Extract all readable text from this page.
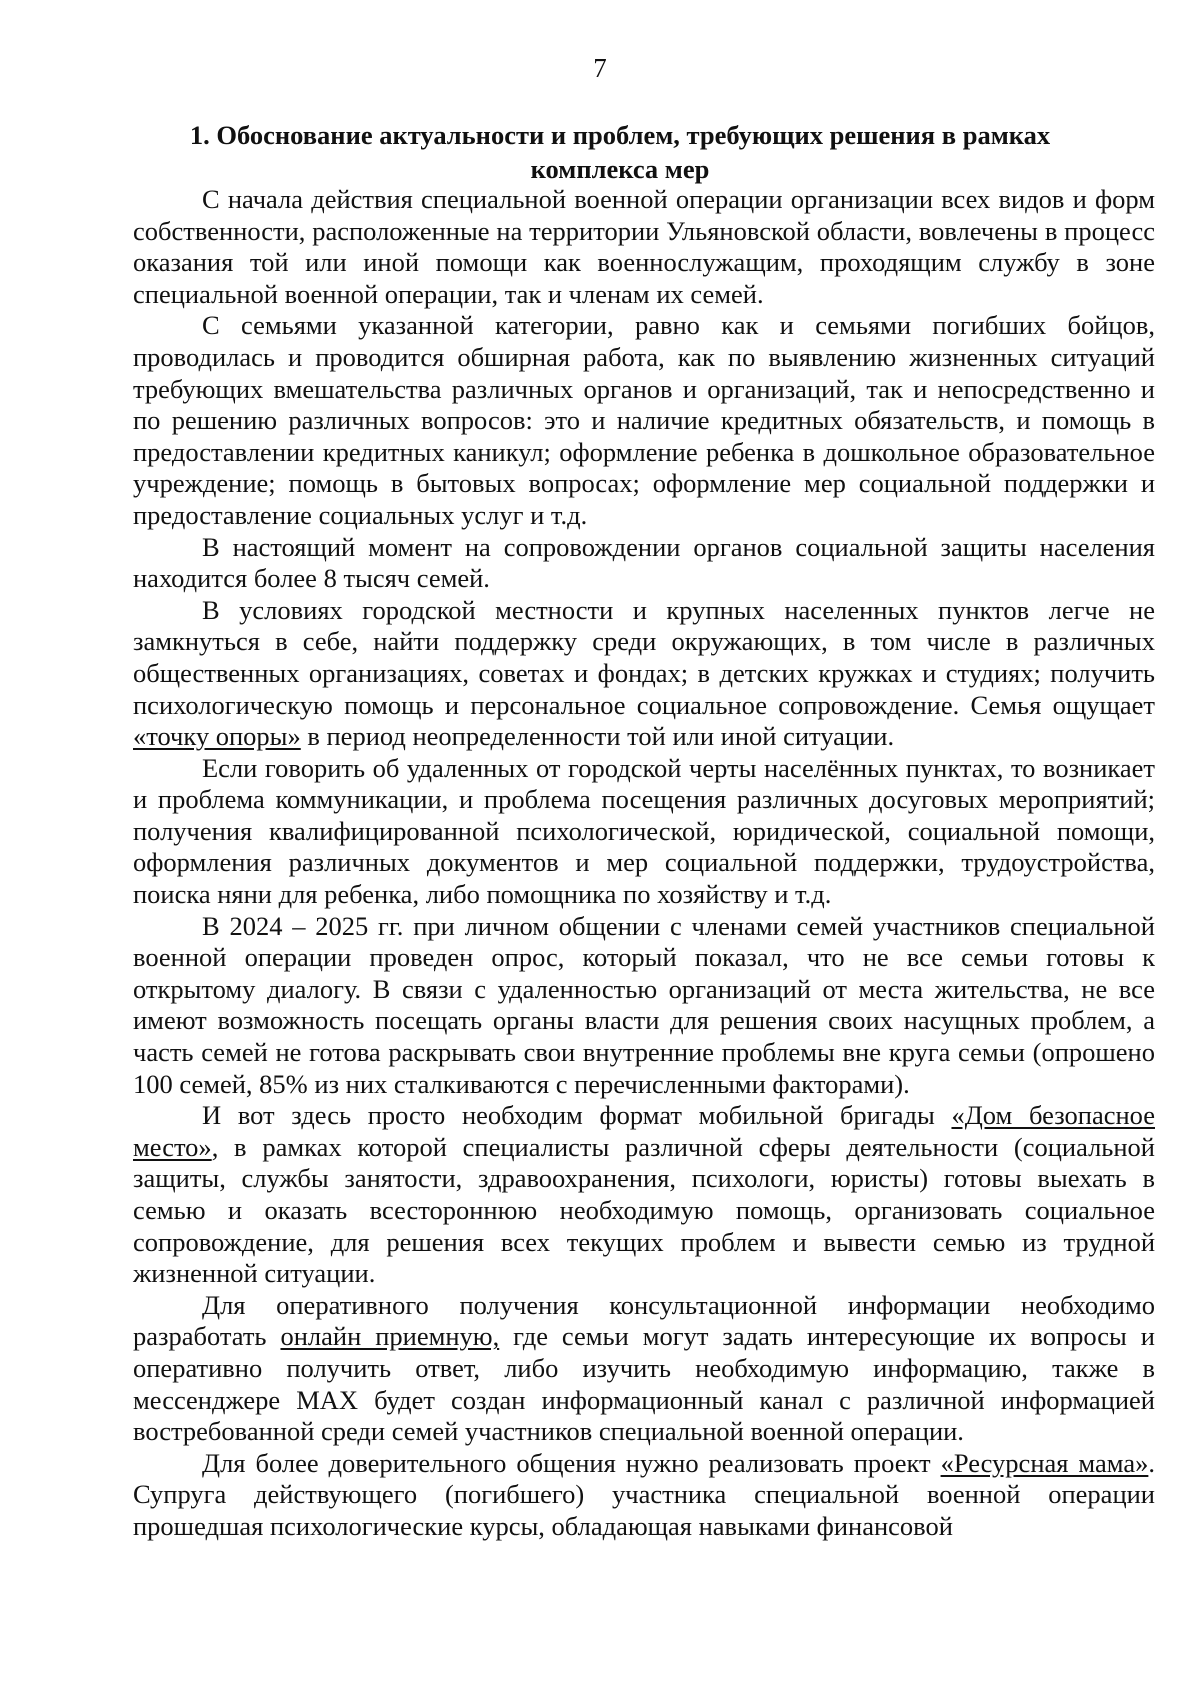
7
1. Обоснование актуальности и проблем, требующих решения в рамках комплекса мер

С начала действия специальной военной операции организации всех видов и форм собственности, расположенные на территории Ульяновской области, вовлечены в процесс оказания той или иной помощи как военнослужащим, проходящим службу в зоне специальной военной операции, так и членам их семей.

С семьями указанной категории, равно как и семьями погибших бойцов, проводилась и проводится обширная работа, как по выявлению жизненных ситуаций требующих вмешательства различных органов и организаций, так и непосредственно и по решению различных вопросов: это и наличие кредитных обязательств, и помощь в предоставлении кредитных каникул; оформление ребенка в дошкольное образовательное учреждение; помощь в бытовых вопросах; оформление мер социальной поддержки и предоставление социальных услуг и т.д.

В настоящий момент на сопровождении органов социальной защиты населения находится более 8 тысяч семей.

В условиях городской местности и крупных населенных пунктов легче не замкнуться в себе, найти поддержку среди окружающих, в том числе в различных общественных организациях, советах и фондах; в детских кружках и студиях; получить психологическую помощь и персональное социальное сопровождение. Семья ощущает «точку опоры» в период неопределенности той или иной ситуации.

Если говорить об удаленных от городской черты населённых пунктах, то возникает и проблема коммуникации, и проблема посещения различных досуговых мероприятий; получения квалифицированной психологической, юридической, социальной помощи, оформления различных документов и мер социальной поддержки, трудоустройства, поиска няни для ребенка, либо помощника по хозяйству и т.д.

В 2024 – 2025 гг. при личном общении с членами семей участников специальной военной операции проведен опрос, который показал, что не все семьи готовы к открытому диалогу. В связи с удаленностью организаций от места жительства, не все имеют возможность посещать органы власти для решения своих насущных проблем, а часть семей не готова раскрывать свои внутренние проблемы вне круга семьи (опрошено 100 семей, 85% из них сталкиваются с перечисленными факторами).

И вот здесь просто необходим формат мобильной бригады «Дом безопасное место», в рамках которой специалисты различной сферы деятельности (социальной защиты, службы занятости, здравоохранения, психологи, юристы) готовы выехать в семью и оказать всестороннюю необходимую помощь, организовать социальное сопровождение, для решения всех текущих проблем и вывести семью из трудной жизненной ситуации.

Для оперативного получения консультационной информации необходимо разработать онлайн приемную, где семьи могут задать интересующие их вопросы и оперативно получить ответ, либо изучить необходимую информацию, также в мессенджере MAX будет создан информационный канал с различной информацией востребованной среди семей участников специальной военной операции.

Для более доверительного общения нужно реализовать проект «Ресурсная мама». Супруга действующего (погибшего) участника специальной военной операции прошедшая психологические курсы, обладающая навыками финансовой
